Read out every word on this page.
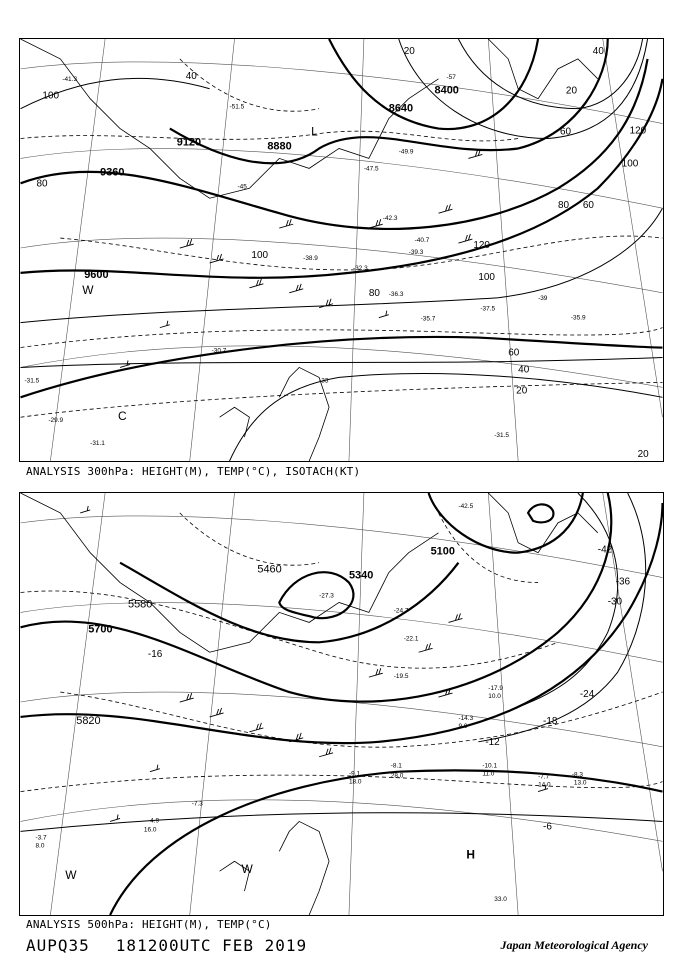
9600
9360
9120	8880
8640
8400
100
80
40
20
100
120
100
80
60
40
20
120
100
80 60
60
40
20
20
-51.5
-57
-47.5
-45
-49.9
-42.3
-40.7
-39.3
-38.9
-32.3
-36.3
-35.7
-37.5
-35.9
-30.7
-31.5
-29.9
-31.1
-31.5
-33
-39
-41.3
L
W
C
ANALYSIS 300hPa: HEIGHT(M), TEMP(°C), ISOTACH(KT)
5820
5700
5580
5460	5340
5100	-42
-36
-30
-24
-18
-12
-6
-16
-42.5
-27.3
-24.7
-22.1
-19.5
-17.9
-14.3
-10.1
-9.1
-8.1
-7.7	-8.3
-7.3
-4.9
-3.7
11.0
13.0
16.0
14.0
28.0
33.0
9.0
10.0
18.0
8.0
W
H
W
ANALYSIS 500hPa: HEIGHT(M), TEMP(°C)
AUPQ35 181200UTC FEB 2019	Japan Meteorological Agency
